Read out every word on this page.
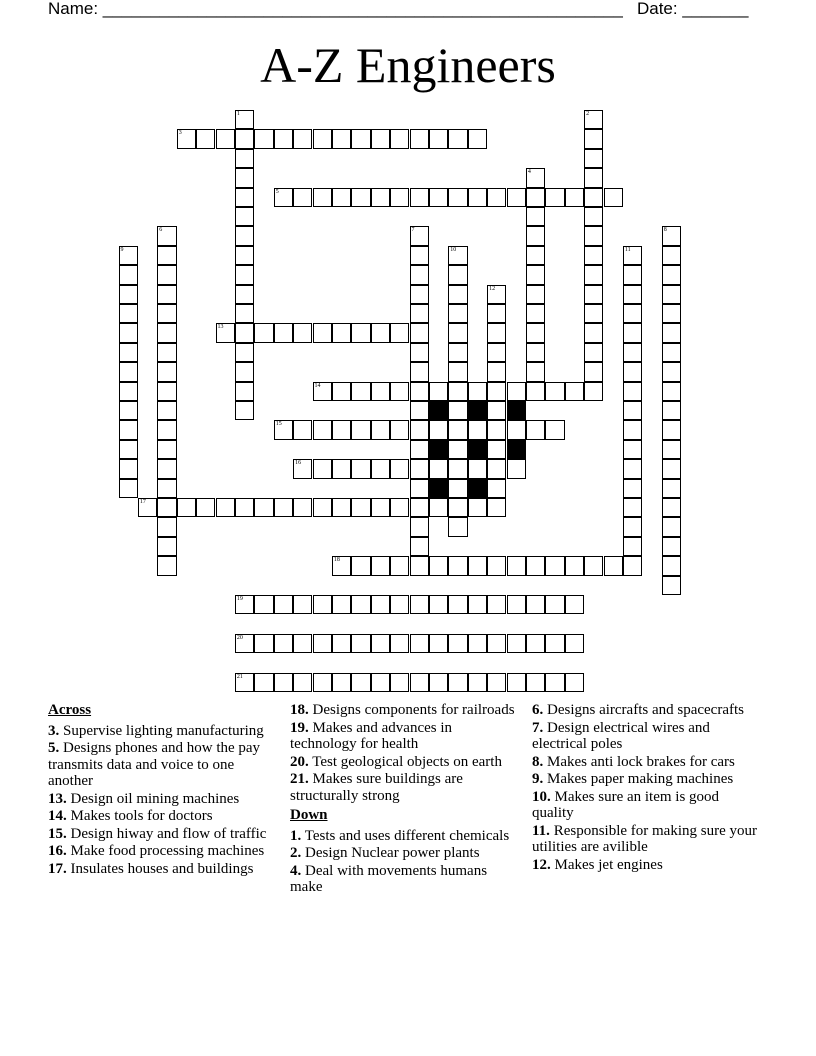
Name: _______________________________________________________ Date: _______
A-Z Engineers
1	2
3
4
5
6	7	8
9	10	11
12
13
14
15
16
17
18
19
20
21
Across
3. Supervise lighting manufacturing
5. Designs phones and how the pay transmits data and voice to one another
13. Design oil mining machines
14. Makes tools for doctors
15. Design hiway and flow of traffic
16. Make food processing machines
17. Insulates houses and buildings
18. Designs components for railroads
19. Makes and advances in technology for health
20. Test geological objects on earth
21. Makes sure buildings are structurally strong
Down
1. Tests and uses different chemicals
2. Design Nuclear power plants
4. Deal with movements humans make
6. Designs aircrafts and spacecrafts
7. Design electrical wires and electrical poles
8. Makes anti lock brakes for cars
9. Makes paper making machines
10. Makes sure an item is good quality
11. Responsible for making sure your utilities are avilible
12. Makes jet engines
